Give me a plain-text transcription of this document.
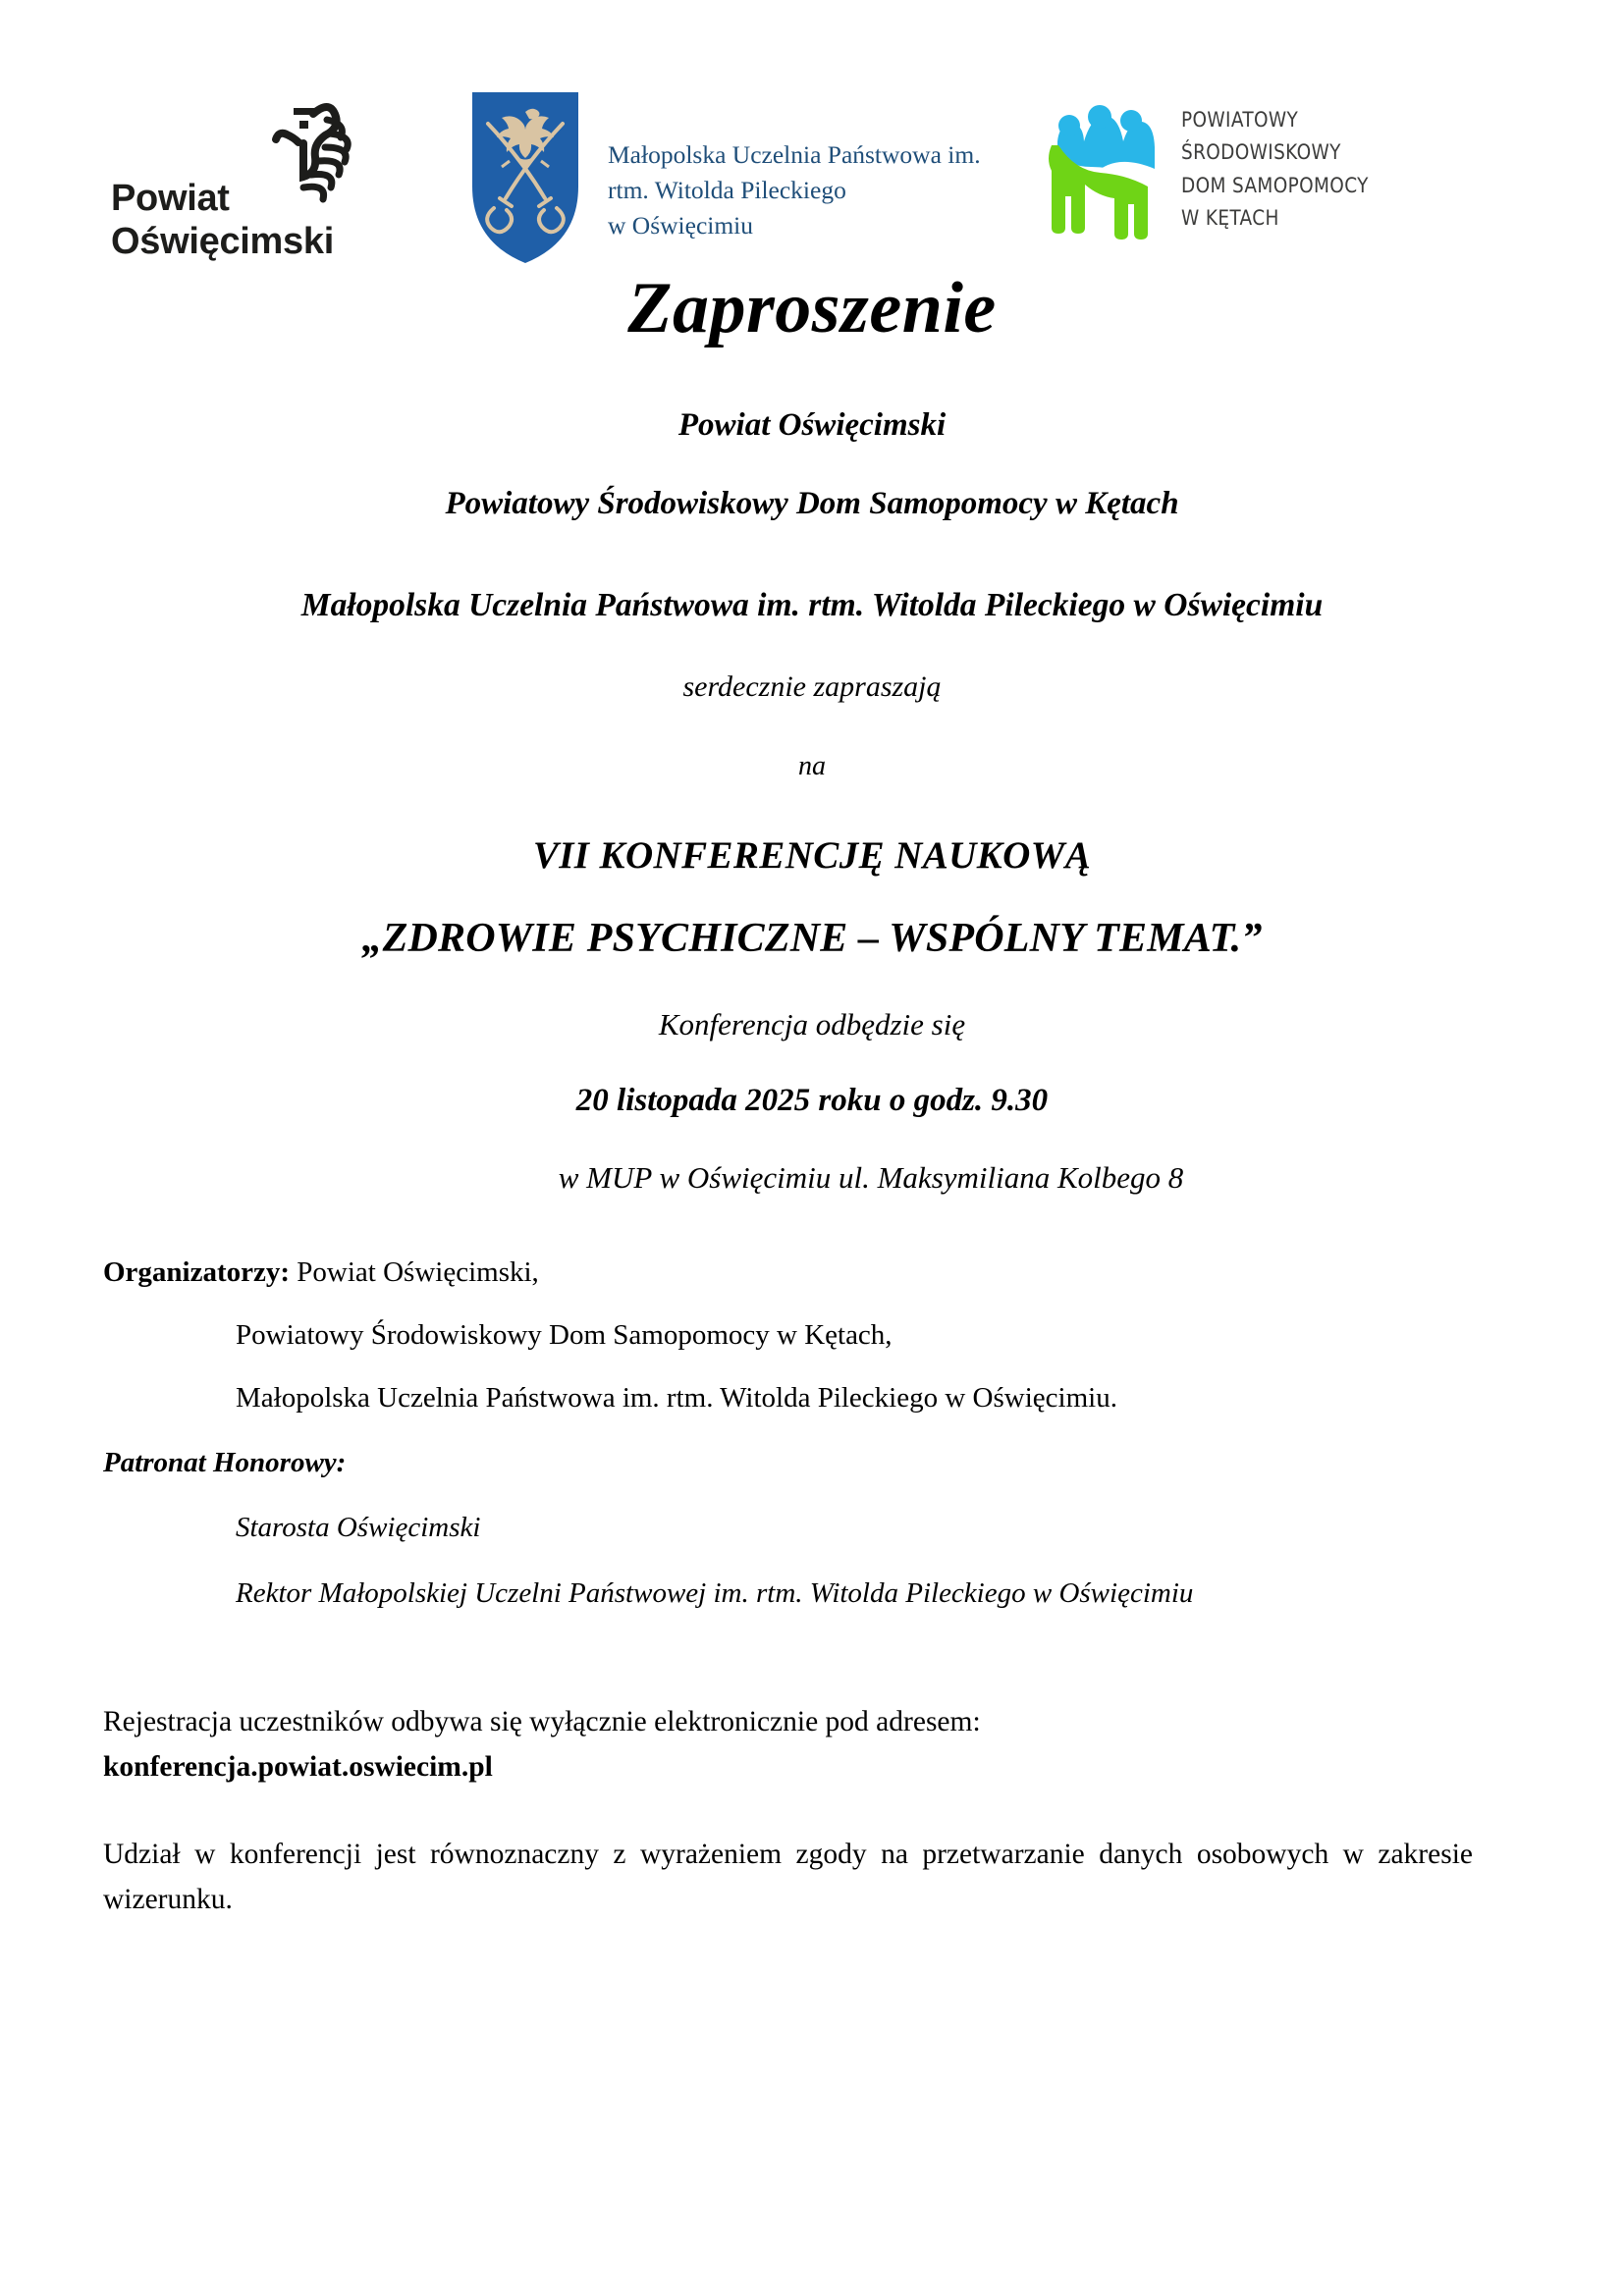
Powiat
Oświęcimski
Małopolska Uczelnia Państwowa im.
rtm. Witolda Pileckiego
w Oświęcimiu
POWIATOWY
ŚRODOWISKOWY
DOM SAMOPOMOCY
W KĘTACH
Zaproszenie
Powiat Oświęcimski
Powiatowy Środowiskowy Dom Samopomocy w Kętach
Małopolska Uczelnia Państwowa im. rtm. Witolda Pileckiego w Oświęcimiu
serdecznie zapraszają
na
VII KONFERENCJĘ NAUKOWĄ
„ZDROWIE PSYCHICZNE – WSPÓLNY TEMAT.”
Konferencja odbędzie się
20 listopada 2025 roku o godz. 9.30
w MUP w Oświęcimiu ul. Maksymiliana Kolbego 8
Organizatorzy: Powiat Oświęcimski,
Powiatowy Środowiskowy Dom Samopomocy w Kętach,
Małopolska Uczelnia Państwowa im. rtm. Witolda Pileckiego w Oświęcimiu.
Patronat Honorowy:
Starosta Oświęcimski
Rektor Małopolskiej Uczelni Państwowej im. rtm. Witolda Pileckiego w Oświęcimiu

Rejestracja uczestników odbywa się wyłącznie elektronicznie pod adresem:
konferencja.powiat.oswiecim.pl

Udział w konferencji jest równoznaczny z wyrażeniem zgody na przetwarzanie danych osobowych w zakresie wizerunku.
